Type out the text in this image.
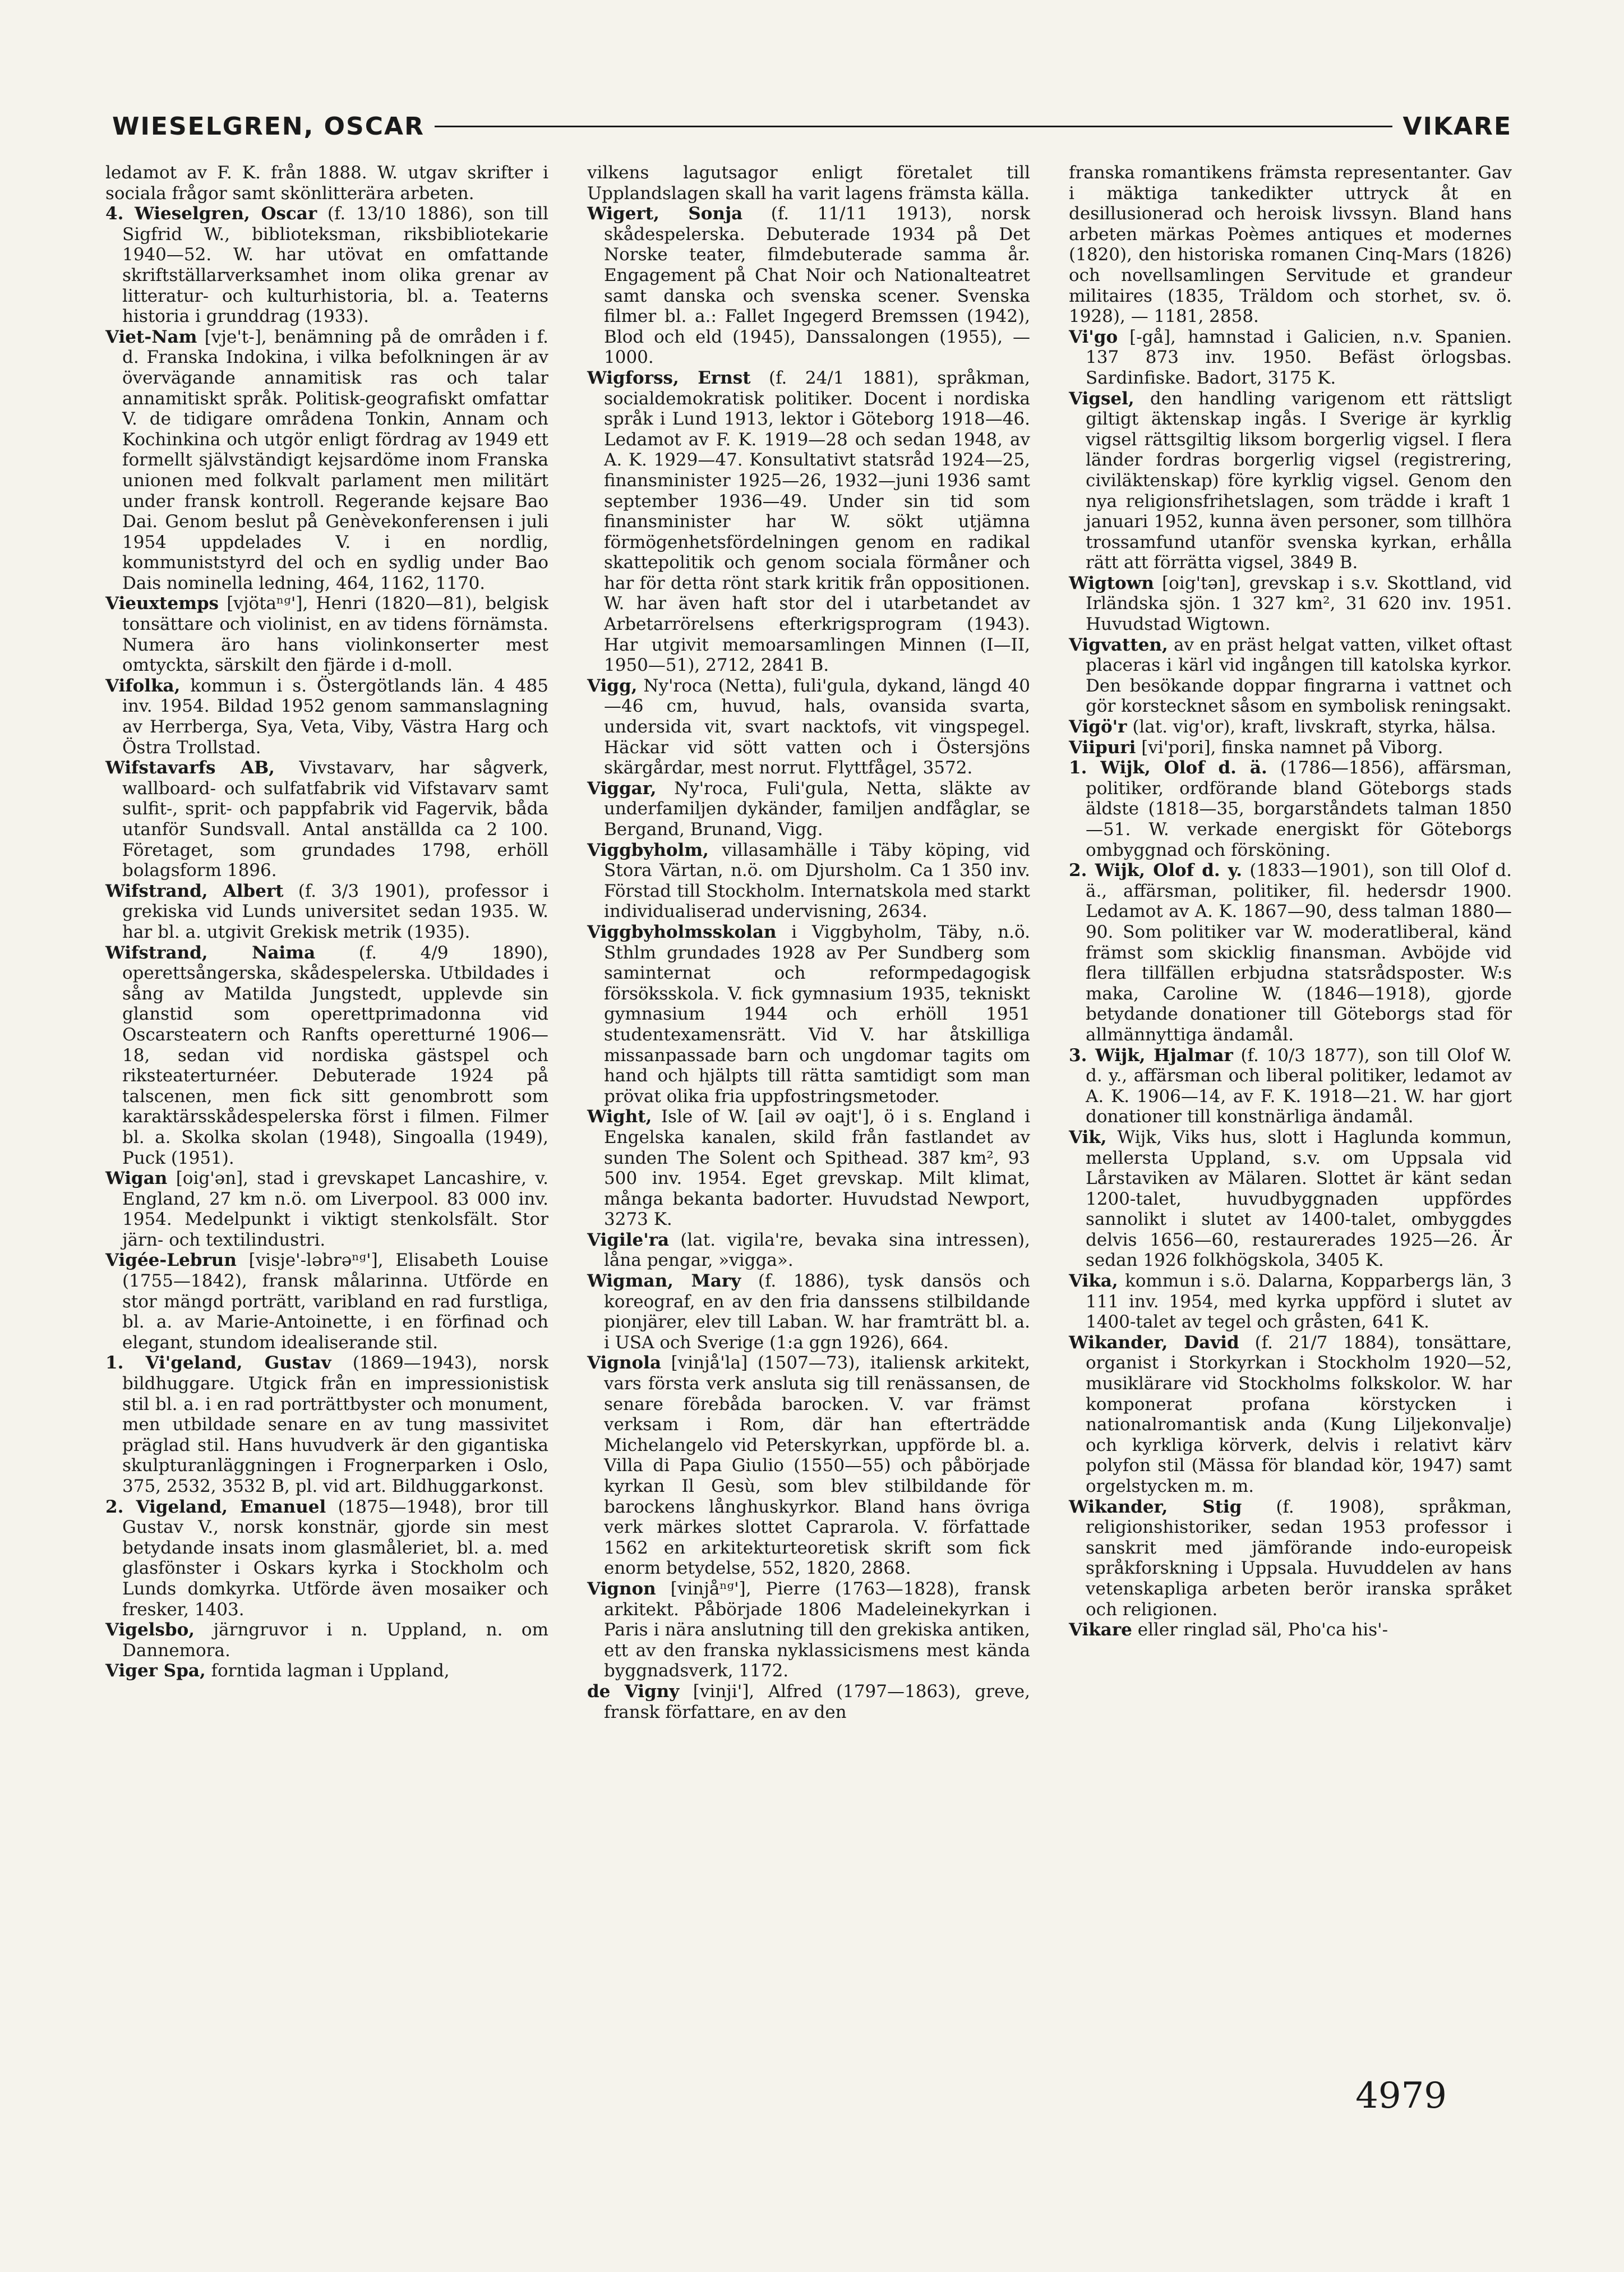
WIESELGREN, OSCAR	VIKARE

ledamot av F. K. från 1888. W. utgav skrifter i sociala frågor samt skönlitterära arbeten.

4. Wieselgren, Oscar (f. 13/10 1886), son till Sigfrid W., biblioteksman, riksbibliotekarie 1940—52. W. har utövat en omfattande skriftställarverksamhet inom olika grenar av litteratur- och kulturhistoria, bl. a. Teaterns historia i grunddrag (1933).

Viet-Nam [vje't-], benämning på de områden i f. d. Franska Indokina, i vilka befolkningen är av övervägande annamitisk ras och talar annamitiskt språk. Politisk-geografiskt omfattar V. de tidigare områdena Tonkin, Annam och Kochinkina och utgör enligt fördrag av 1949 ett formellt självständigt kejsardöme inom Franska unionen med folkvalt parlament men militärt under fransk kontroll. Regerande kejsare Bao Dai. Genom beslut på Genèvekonferensen i juli 1954 uppdelades V. i en nordlig, kommuniststyrd del och en sydlig under Bao Dais nominella ledning, 464, 1162, 1170.

Vieuxtemps [vjötaⁿᵍ'], Henri (1820—81), belgisk tonsättare och violinist, en av tidens förnämsta. Numera äro hans violinkonserter mest omtyckta, särskilt den fjärde i d-moll.

Vifolka, kommun i s. Östergötlands län. 4 485 inv. 1954. Bildad 1952 genom sammanslagning av Herrberga, Sya, Veta, Viby, Västra Harg och Östra Trollstad.

Wifstavarfs AB, Vivstavarv, har sågverk, wallboard- och sulfatfabrik vid Vifstavarv samt sulfit-, sprit- och pappfabrik vid Fagervik, båda utanför Sundsvall. Antal anställda ca 2 100. Företaget, som grundades 1798, erhöll bolagsform 1896.

Wifstrand, Albert (f. 3/3 1901), professor i grekiska vid Lunds universitet sedan 1935. W. har bl. a. utgivit Grekisk metrik (1935).

Wifstrand, Naima (f. 4/9 1890), operettsångerska, skådespelerska. Utbildades i sång av Matilda Jungstedt, upplevde sin glanstid som operettprimadonna vid Oscarsteatern och Ranfts operetturné 1906—18, sedan vid nordiska gästspel och riksteaterturnéer. Debuterade 1924 på talscenen, men fick sitt genombrott som karaktärsskådespelerska först i filmen. Filmer bl. a. Skolka skolan (1948), Singoalla (1949), Puck (1951).

Wigan [oig'ən], stad i grevskapet Lancashire, v. England, 27 km n.ö. om Liverpool. 83 000 inv. 1954. Medelpunkt i viktigt stenkolsfält. Stor järn- och textilindustri.

Vigée-Lebrun [visje'-ləbrəⁿᵍ'], Elisabeth Louise (1755—1842), fransk målarinna. Utförde en stor mängd porträtt, varibland en rad furstliga, bl. a. av Marie-Antoinette, i en förfinad och elegant, stundom idealiserande stil.

1. Vi'geland, Gustav (1869—1943), norsk bildhuggare. Utgick från en impressionistisk stil bl. a. i en rad porträttbyster och monument, men utbildade senare en av tung massivitet präglad stil. Hans huvudverk är den gigantiska skulpturanläggningen i Frognerparken i Oslo, 375, 2532, 3532 B, pl. vid art. Bildhuggarkonst.

2. Vigeland, Emanuel (1875—1948), bror till Gustav V., norsk konstnär, gjorde sin mest betydande insats inom glasmåleriet, bl. a. med glasfönster i Oskars kyrka i Stockholm och Lunds domkyrka. Utförde även mosaiker och fresker, 1403.

Vigelsbo, järngruvor i n. Uppland, n. om Dannemora.

Viger Spa, forntida lagman i Uppland,

vilkens lagutsagor enligt företalet till Upplandslagen skall ha varit lagens främsta källa.

Wigert, Sonja (f. 11/11 1913), norsk skådespelerska. Debuterade 1934 på Det Norske teater, filmdebuterade samma år. Engagement på Chat Noir och Nationalteatret samt danska och svenska scener. Svenska filmer bl. a.: Fallet Ingegerd Bremssen (1942), Blod och eld (1945), Danssalongen (1955), — 1000.

Wigforss, Ernst (f. 24/1 1881), språkman, socialdemokratisk politiker. Docent i nordiska språk i Lund 1913, lektor i Göteborg 1918—46. Ledamot av F. K. 1919—28 och sedan 1948, av A. K. 1929—47. Konsultativt statsråd 1924—25, finansminister 1925—26, 1932—juni 1936 samt september 1936—49. Under sin tid som finansminister har W. sökt utjämna förmögenhetsfördelningen genom en radikal skattepolitik och genom sociala förmåner och har för detta rönt stark kritik från oppositionen. W. har även haft stor del i utarbetandet av Arbetarrörelsens efterkrigsprogram (1943). Har utgivit memoarsamlingen Minnen (I—II, 1950—51), 2712, 2841 B.

Vigg, Ny'roca (Netta), fuli'gula, dykand, längd 40—46 cm, huvud, hals, ovansida svarta, undersida vit, svart nacktofs, vit vingspegel. Häckar vid sött vatten och i Östersjöns skärgårdar, mest norrut. Flyttfågel, 3572.

Viggar, Ny'roca, Fuli'gula, Netta, släkte av underfamiljen dykänder, familjen andfåglar, se Bergand, Brunand, Vigg.

Viggbyholm, villasamhälle i Täby köping, vid Stora Värtan, n.ö. om Djursholm. Ca 1 350 inv. Förstad till Stockholm. Internatskola med starkt individualiserad undervisning, 2634.

Viggbyholmsskolan i Viggbyholm, Täby, n.ö. Sthlm grundades 1928 av Per Sundberg som saminternat och reformpedagogisk försöksskola. V. fick gymnasium 1935, tekniskt gymnasium 1944 och erhöll 1951 studentexamensrätt. Vid V. har åtskilliga missanpassade barn och ungdomar tagits om hand och hjälpts till rätta samtidigt som man prövat olika fria uppfostringsmetoder.

Wight, Isle of W. [ail əv oajt'], ö i s. England i Engelska kanalen, skild från fastlandet av sunden The Solent och Spithead. 387 km², 93 500 inv. 1954. Eget grevskap. Milt klimat, många bekanta badorter. Huvudstad Newport, 3273 K.

Vigile'ra (lat. vigila're, bevaka sina intressen), låna pengar, »vigga».

Wigman, Mary (f. 1886), tysk dansös och koreograf, en av den fria danssens stilbildande pionjärer, elev till Laban. W. har framträtt bl. a. i USA och Sverige (1:a ggn 1926), 664.

Vignola [vinjå'la] (1507—73), italiensk arkitekt, vars första verk ansluta sig till renässansen, de senare förebåda barocken. V. var främst verksam i Rom, där han efterträdde Michelangelo vid Peterskyrkan, uppförde bl. a. Villa di Papa Giulio (1550—55) och påbörjade kyrkan Il Gesù, som blev stilbildande för barockens långhuskyrkor. Bland hans övriga verk märkes slottet Caprarola. V. författade 1562 en arkitekturteoretisk skrift som fick enorm betydelse, 552, 1820, 2868.

Vignon [vinjåⁿᵍ'], Pierre (1763—1828), fransk arkitekt. Påbörjade 1806 Madeleinekyrkan i Paris i nära anslutning till den grekiska antiken, ett av den franska nyklassicismens mest kända byggnadsverk, 1172.

de Vigny [vinji'], Alfred (1797—1863), greve, fransk författare, en av den

franska romantikens främsta representanter. Gav i mäktiga tankedikter uttryck åt en desillusionerad och heroisk livssyn. Bland hans arbeten märkas Poèmes antiques et modernes (1820), den historiska romanen Cinq-Mars (1826) och novellsamlingen Servitude et grandeur militaires (1835, Träldom och storhet, sv. ö. 1928), — 1181, 2858.

Vi'go [-gå], hamnstad i Galicien, n.v. Spanien. 137 873 inv. 1950. Befäst örlogsbas. Sardinfiske. Badort, 3175 K.

Vigsel, den handling varigenom ett rättsligt giltigt äktenskap ingås. I Sverige är kyrklig vigsel rättsgiltig liksom borgerlig vigsel. I flera länder fordras borgerlig vigsel (registrering, civiläktenskap) före kyrklig vigsel. Genom den nya religionsfrihetslagen, som trädde i kraft 1 januari 1952, kunna även personer, som tillhöra trossamfund utanför svenska kyrkan, erhålla rätt att förrätta vigsel, 3849 B.

Wigtown [oig'tən], grevskap i s.v. Skottland, vid Irländska sjön. 1 327 km², 31 620 inv. 1951. Huvudstad Wigtown.

Vigvatten, av en präst helgat vatten, vilket oftast placeras i kärl vid ingången till katolska kyrkor. Den besökande doppar fingrarna i vattnet och gör korstecknet såsom en symbolisk reningsakt.

Vigö'r (lat. vig'or), kraft, livskraft, styrka, hälsa.

Viipuri [vi'pori], finska namnet på Viborg.

1. Wijk, Olof d. ä. (1786—1856), affärsman, politiker, ordförande bland Göteborgs stads äldste (1818—35, borgarståndets talman 1850—51. W. verkade energiskt för Göteborgs ombyggnad och försköning.

2. Wijk, Olof d. y. (1833—1901), son till Olof d. ä., affärsman, politiker, fil. hedersdr 1900. Ledamot av A. K. 1867—90, dess talman 1880—90. Som politiker var W. moderatliberal, känd främst som skicklig finansman. Avböjde vid flera tillfällen erbjudna statsrådsposter. W:s maka, Caroline W. (1846—1918), gjorde betydande donationer till Göteborgs stad för allmännyttiga ändamål.

3. Wijk, Hjalmar (f. 10/3 1877), son till Olof W. d. y., affärsman och liberal politiker, ledamot av A. K. 1906—14, av F. K. 1918—21. W. har gjort donationer till konstnärliga ändamål.

Vik, Wijk, Viks hus, slott i Haglunda kommun, mellersta Uppland, s.v. om Uppsala vid Lårstaviken av Mälaren. Slottet är känt sedan 1200-talet, huvudbyggnaden uppfördes sannolikt i slutet av 1400-talet, ombyggdes delvis 1656—60, restaurerades 1925—26. Är sedan 1926 folkhögskola, 3405 K.

Vika, kommun i s.ö. Dalarna, Kopparbergs län, 3 111 inv. 1954, med kyrka uppförd i slutet av 1400-talet av tegel och gråsten, 641 K.

Wikander, David (f. 21/7 1884), tonsättare, organist i Storkyrkan i Stockholm 1920—52, musiklärare vid Stockholms folkskolor. W. har komponerat profana körstycken i nationalromantisk anda (Kung Liljekonvalje) och kyrkliga körverk, delvis i relativt kärv polyfon stil (Mässa för blandad kör, 1947) samt orgelstycken m. m.

Wikander, Stig (f. 1908), språkman, religionshistoriker, sedan 1953 professor i sanskrit med jämförande indo-europeisk språkforskning i Uppsala. Huvuddelen av hans vetenskapliga arbeten berör iranska språket och religionen.

Vikare eller ringlad säl, Pho'ca his'-

4979
